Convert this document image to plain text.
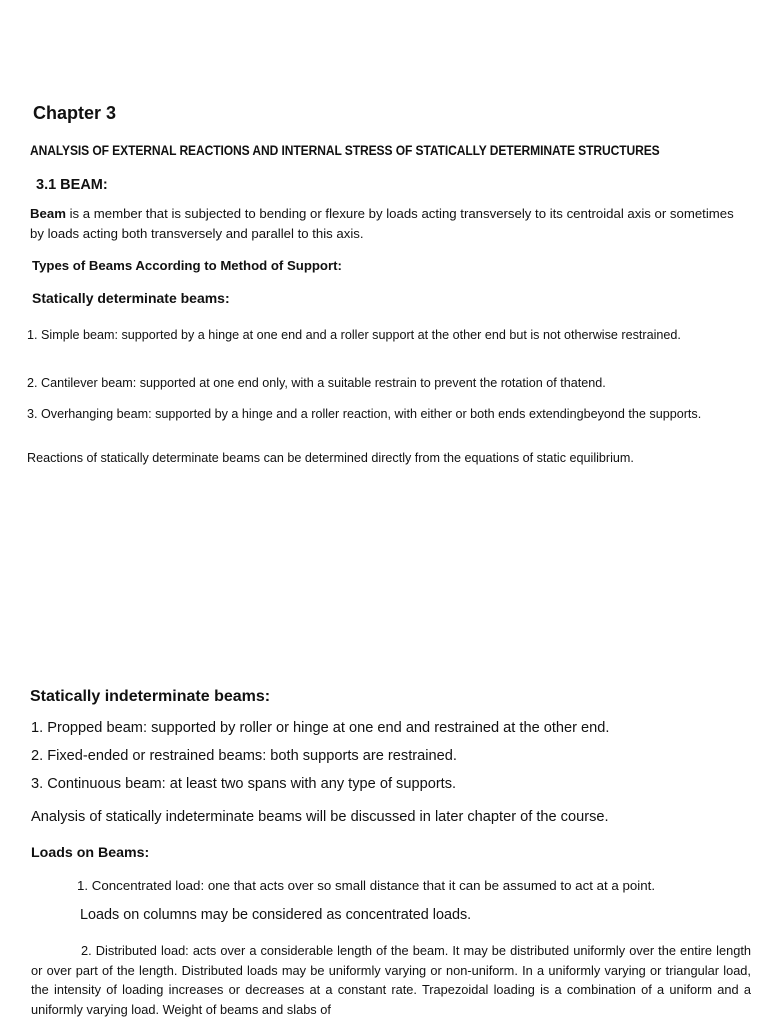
Chapter 3
ANALYSIS OF EXTERNAL REACTIONS AND INTERNAL STRESS OF STATICALLY DETERMINATE STRUCTURES
3.1 BEAM:

Beam is a member that is subjected to bending or flexure by loads acting transversely to its centroidal axis or sometimes by loads acting both transversely and parallel to this axis.

Types of Beams According to Method of Support:
Statically determinate beams:

1. Simple beam: supported by a hinge at one end and a roller support at the other end but is not otherwise restrained.

2. Cantilever beam: supported at one end only, with a suitable restrain to prevent the rotation of thatend.

3. Overhanging beam: supported by a hinge and a roller reaction, with either or both ends extendingbeyond the supports.

Reactions of statically determinate beams can be determined directly from the equations of static equilibrium.

Statically indeterminate beams:

1. Propped beam: supported by roller or hinge at one end and restrained at the other end.

2. Fixed-ended or restrained beams: both supports are restrained.

3. Continuous beam: at least two spans with any type of supports.

Analysis of statically indeterminate beams will be discussed in later chapter of the course.

Loads on Beams:

1. Concentrated load: one that acts over so small distance that it can be assumed to act at a point.

Loads on columns may be considered as concentrated loads.

2. Distributed load: acts over a considerable length of the beam. It may be distributed uniformly over the entire length or over part of the length. Distributed loads may be uniformly varying or non-uniform. In a uniformly varying or triangular load, the intensity of loading increases or decreases at a constant rate. Trapezoidal loading is a combination of a uniform and a uniformly varying load. Weight of beams and slabs of
